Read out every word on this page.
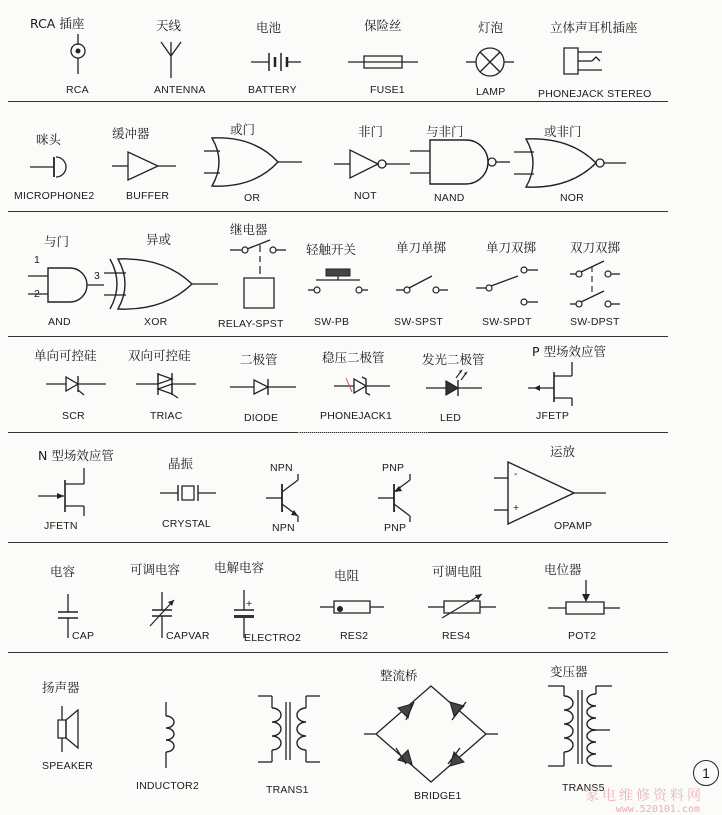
RCA 插座
RCA
天线
ANTENNA
电池
BATTERY
保险丝
FUSE1
灯泡
LAMP
立体声耳机插座
PHONEJACK STEREO
咪头
MICROPHONE2
缓冲器
BUFFER
或门
OR
非门
NOT
与非门
NAND
或非门
NOR
与门
1
2
3
AND
异或
XOR
继电器
RELAY-SPST
轻触开关
SW-PB
单刀单掷
SW-SPST
单刀双掷
SW-SPDT
双刀双掷
SW-DPST
单向可控硅
SCR
双向可控硅
TRIAC
二极管
DIODE
稳压二极管
PHONEJACK1
发光二极管
LED
P 型场效应管
JFETP
N 型场效应管
JFETN
晶振
CRYSTAL
NPN
NPN
PNP
PNP
运放
-
+
OPAMP
电容
CAP
可调电容
CAPVAR
电解电容
+
ELECTRO2
电阻
RES2
可调电阻
RES4
电位器
POT2
扬声器
SPEAKER
INDUCTOR2	TRANS1
整流桥
BRIDGE1
变压器
TRANS5
1
家电维修资料网
www.520101.com
